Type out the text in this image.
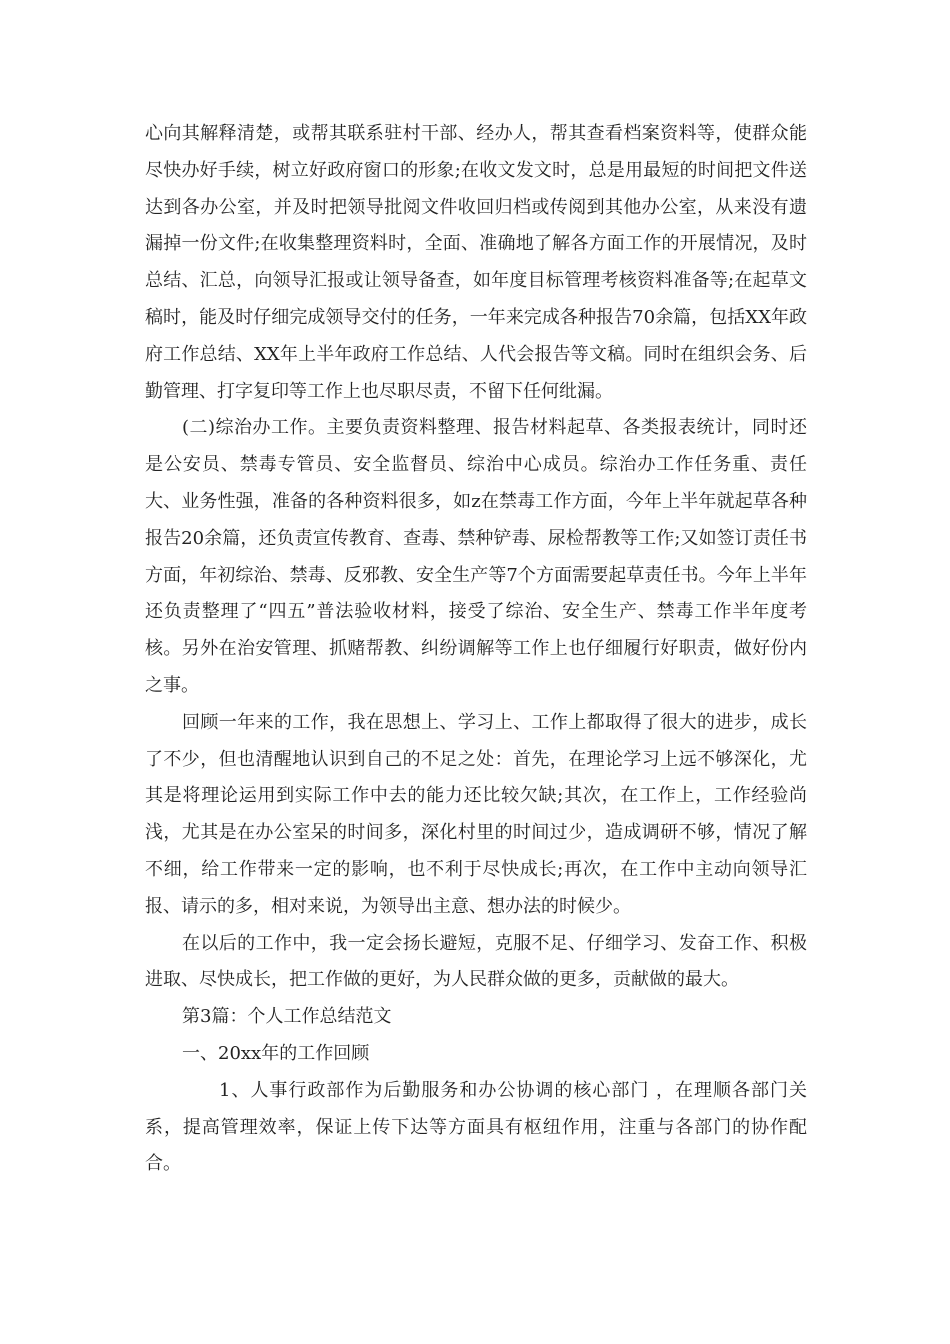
心向其解释清楚，或帮其联系驻村干部、经办人，帮其查看档案资料等，使群众能尽快办好手续，树立好政府窗口的形象;在收文发文时，总是用最短的时间把文件送达到各办公室，并及时把领导批阅文件收回归档或传阅到其他办公室，从来没有遗漏掉一份文件;在收集整理资料时，全面、准确地了解各方面工作的开展情况，及时总结、汇总，向领导汇报或让领导备查，如年度目标管理考核资料准备等;在起草文稿时，能及时仔细完成领导交付的任务，一年来完成各种报告70余篇，包括XX年政府工作总结、XX年上半年政府工作总结、人代会报告等文稿。同时在组织会务、后勤管理、打字复印等工作上也尽职尽责，不留下任何纰漏。

(二)综治办工作。主要负责资料整理、报告材料起草、各类报表统计，同时还是公安员、禁毒专管员、安全监督员、综治中心成员。综治办工作任务重、责任大、业务性强，准备的各种资料很多，如z在禁毒工作方面，今年上半年就起草各种报告20余篇，还负责宣传教育、查毒、禁种铲毒、尿检帮教等工作;又如签订责任书方面，年初综治、禁毒、反邪教、安全生产等7个方面需要起草责任书。今年上半年还负责整理了“四五”普法验收材料，接受了综治、安全生产、禁毒工作半年度考核。另外在治安管理、抓赌帮教、纠纷调解等工作上也仔细履行好职责，做好份内之事。

回顾一年来的工作，我在思想上、学习上、工作上都取得了很大的进步，成长了不少，但也清醒地认识到自己的不足之处：首先，在理论学习上远不够深化，尤其是将理论运用到实际工作中去的能力还比较欠缺;其次，在工作上，工作经验尚浅，尤其是在办公室呆的时间多，深化村里的时间过少，造成调研不够，情况了解不细，给工作带来一定的影响，也不利于尽快成长;再次，在工作中主动向领导汇报、请示的多，相对来说，为领导出主意、想办法的时候少。

在以后的工作中，我一定会扬长避短，克服不足、仔细学习、发奋工作、积极进取、尽快成长，把工作做的更好，为人民群众做的更多，贡献做的最大。

第3篇：个人工作总结范文

一、20xx年的工作回顾

1、人事行政部作为后勤服务和办公协调的核心部门 ，在理顺各部门关系，提高管理效率，保证上传下达等方面具有枢纽作用，注重与各部门的协作配合。
